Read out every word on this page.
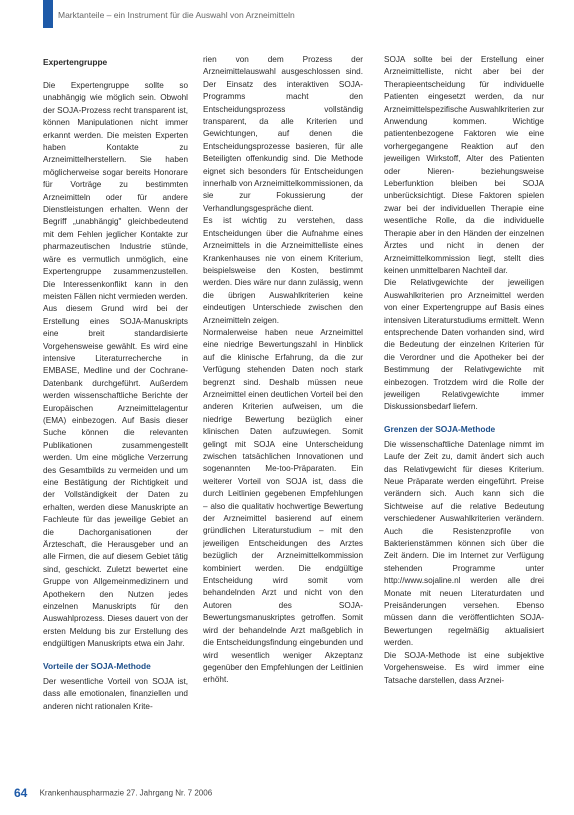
Marktanteile – ein Instrument für die Auswahl von Arzneimitteln
Expertengruppe

Die Expertengruppe sollte so unabhängig wie möglich sein. Obwohl der SOJA-Prozess recht transparent ist, können Manipulationen nicht immer erkannt werden. Die meisten Experten haben Kontakte zu Arzneimittelherstellern. Sie haben möglicherweise sogar bereits Honorare für Vorträge zu bestimmten Arzneimitteln oder für andere Dienstleistungen erhalten. Wenn der Begriff „unabhängig" gleichbedeutend mit dem Fehlen jeglicher Kontakte zur pharmazeutischen Industrie stünde, wäre es vermutlich unmöglich, eine Expertengruppe zusammenzustellen. Die Interessenkonflikt kann in den meisten Fällen nicht vermieden werden.

Aus diesem Grund wird bei der Erstellung eines SOJA-Manuskripts eine breit standardisierte Vorgehensweise gewählt. Es wird eine intensive Literaturrecherche in EMBASE, Medline und der Cochrane-Datenbank durchgeführt. Außerdem werden wissenschaftliche Berichte der Europäischen Arzneimittelagentur (EMA) einbezogen. Auf Basis dieser Suche können die relevanten Publikationen zusammengestellt werden. Um eine mögliche Verzerrung des Gesamtbilds zu vermeiden und um eine Bestätigung der Richtigkeit und der Vollständigkeit der Daten zu erhalten, werden diese Manuskripte an Fachleute für das jeweilige Gebiet an die Dachorganisationen der Ärzteschaft, die Herausgeber und an alle Firmen, die auf diesem Gebiet tätig sind, geschickt. Zuletzt bewertet eine Gruppe von Allgemeinmedizinern und Apothekern den Nutzen jedes einzelnen Manuskripts für den Auswahlprozess. Dieses dauert von der ersten Meldung bis zur Erstellung des endgültigen Manuskripts etwa ein Jahr.

Vorteile der SOJA-Methode

Der wesentliche Vorteil von SOJA ist, dass alle emotionalen, finanziellen und anderen nicht rationalen Krite-

rien von dem Prozess der Arzneimittelauswahl ausgeschlossen sind. Der Einsatz des interaktiven SOJA-Programms macht den Entscheidungsprozess vollständig transparent, da alle Kriterien und Gewichtungen, auf denen die Entscheidungsprozesse basieren, für alle Beteiligten offenkundig sind. Die Methode eignet sich besonders für Entscheidungen innerhalb von Arzneimittelkommissionen, da sie zur Fokussierung der Verhandlungsgespräche dient.

Es ist wichtig zu verstehen, dass Entscheidungen über die Aufnahme eines Arzneimittels in die Arzneimittelliste eines Krankenhauses nie von einem Kriterium, beispielsweise den Kosten, bestimmt werden. Dies wäre nur dann zulässig, wenn die übrigen Auswahlkriterien keine eindeutigen Unterschiede zwischen den Arzneimitteln zeigen.

Normalerweise haben neue Arzneimittel eine niedrige Bewertungszahl in Hinblick auf die klinische Erfahrung, da die zur Verfügung stehenden Daten noch stark begrenzt sind. Deshalb müssen neue Arzneimittel einen deutlichen Vorteil bei den anderen Kriterien aufweisen, um die niedrige Bewertung bezüglich einer klinischen Daten aufzuwiegen. Somit gelingt mit SOJA eine Unterscheidung zwischen tatsächlichen Innovationen und sogenannten Me-too-Präparaten. Ein weiterer Vorteil von SOJA ist, dass die durch Leitlinien gegebenen Empfehlungen – also die qualitativ hochwertige Bewertung der Arzneimittel basierend auf einem gründlichen Literaturstudium – mit den jeweiligen Entscheidungen des Arztes bezüglich der Arzneimittelkommission kombiniert werden. Die endgültige Entscheidung wird somit vom behandelnden Arzt und nicht von den Autoren des SOJA-Bewertungsmanuskriptes getroffen. Somit wird der behandelnde Arzt maßgeblich in die Entscheidungsfindung eingebunden und wird wesentlich weniger Akzeptanz gegenüber den Empfehlungen der Leitlinien erhöht.

SOJA sollte bei der Erstellung einer Arzneimittelliste, nicht aber bei der Therapieentscheidung für individuelle Patienten eingesetzt werden, da nur Arzneimittelspezifische Auswahlkriterien zur Anwendung kommen. Wichtige patientenbezogene Faktoren wie eine vorhergegangene Reaktion auf den jeweiligen Wirkstoff, Alter des Patienten oder Nieren- beziehungsweise Leberfunktion bleiben bei SOJA unberücksichtigt. Diese Faktoren spielen zwar bei der individuellen Therapie eine wesentliche Rolle, da die individuelle Therapie aber in den Händen der einzelnen Ärztes und nicht in denen der Arzneimittelkommission liegt, stellt dies keinen unmittelbaren Nachteil dar.

Die Relativgewichte der jeweiligen Auswahlkriterien pro Arzneimittel werden von einer Expertengruppe auf Basis eines intensiven Literaturstudiums ermittelt. Wenn entsprechende Daten vorhanden sind, wird die Bedeutung der einzelnen Kriterien für die Verordner und die Apotheker bei der Bestimmung der Relativgewichte mit einbezogen. Trotzdem wird die Rolle der jeweiligen Relativgewichte immer Diskussionsbedarf liefern.

Grenzen der SOJA-Methode

Die wissenschaftliche Datenlage nimmt im Laufe der Zeit zu, damit ändert sich auch das Relativgewicht für dieses Kriterium. Neue Präparate werden eingeführt. Preise verändern sich. Auch kann sich die Sichtweise auf die relative Bedeutung verschiedener Auswahlkriterien verändern. Auch die Resistenzprofile von Bakterienstämmen können sich über die Zeit ändern. Die im Internet zur Verfügung stehenden Programme unter http://www.sojaline.nl werden alle drei Monate mit neuen Literaturdaten und Preisänderungen versehen. Ebenso müssen dann die veröffentlichten SOJA-Bewertungen regelmäßig aktualisiert werden.

Die SOJA-Methode ist eine subjektive Vorgehensweise. Es wird immer eine Tatsache darstellen, dass Arznei-

64 Krankenhauspharmazie 27. Jahrgang Nr. 7 2006
